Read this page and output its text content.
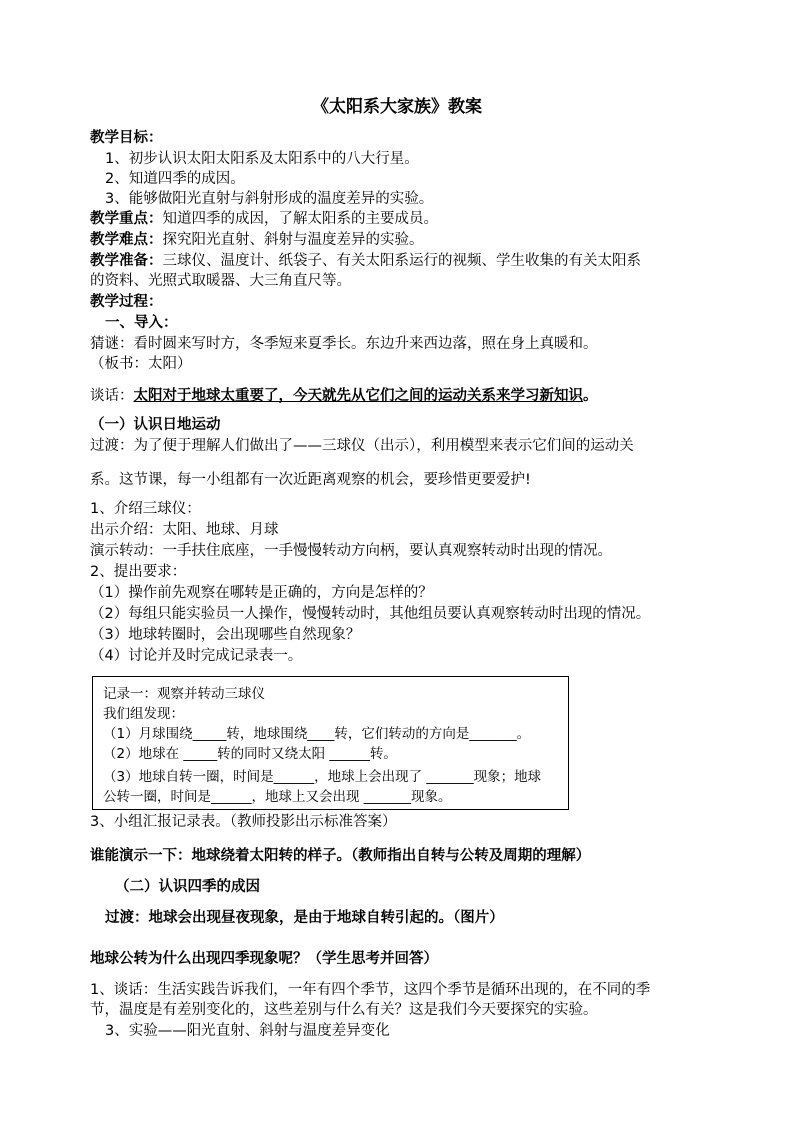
《太阳系大家族》教案
教学目标：
1、初步认识太阳太阳系及太阳系中的八大行星。
2、知道四季的成因。
3、能够做阳光直射与斜射形成的温度差异的实验。
教学重点：知道四季的成因，了解太阳系的主要成员。
教学难点：探究阳光直射、斜射与温度差异的实验。
教学准备：三球仪、温度计、纸袋子、有关太阳系运行的视频、学生收集的有关太阳系
的资料、光照式取暖器、大三角直尺等。
教学过程：
一、导入：
猜谜：看时圆来写时方，冬季短来夏季长。东边升来西边落，照在身上真暖和。
（板书：太阳）
谈话：太阳对于地球太重要了，今天就先从它们之间的运动关系来学习新知识。
（一）认识日地运动
过渡：为了便于理解人们做出了——三球仪（出示），利用模型来表示它们间的运动关
系。这节课，每一小组都有一次近距离观察的机会，要珍惜更要爱护!
1、介绍三球仪：
出示介绍：太阳、地球、月球
演示转动：一手扶住底座，一手慢慢转动方向柄，要认真观察转动时出现的情况。
2、提出要求：
（1）操作前先观察在哪转是正确的，方向是怎样的？
（2）每组只能实验员一人操作，慢慢转动时，其他组员要认真观察转动时出现的情况。
（3）地球转圈时，会出现哪些自然现象？
（4）讨论并及时完成记录表一。
记录一：观察并转动三球仪
我们组发现：
（1）月球围绕_____转，地球围绕____转，它们转动的方向是_______。
（2）地球在 _____转的同时又绕太阳 ______转。
（3）地球自转一圈，时间是______，地球上会出现了 _______现象；地球
公转一圈，时间是______，地球上又会出现 _______现象。
3、小组汇报记录表。（教师投影出示标准答案）
谁能演示一下：地球绕着太阳转的样子。（教师指出自转与公转及周期的理解）
（二）认识四季的成因
过渡：地球会出现昼夜现象，是由于地球自转引起的。（图片）
地球公转为什么出现四季现象呢？（学生思考并回答）
1、谈话：生活实践告诉我们，一年有四个季节，这四个季节是循环出现的，在不同的季
节，温度是有差别变化的，这些差别与什么有关？这是我们今天要探究的实验。
3、实验——阳光直射、斜射与温度差异变化
